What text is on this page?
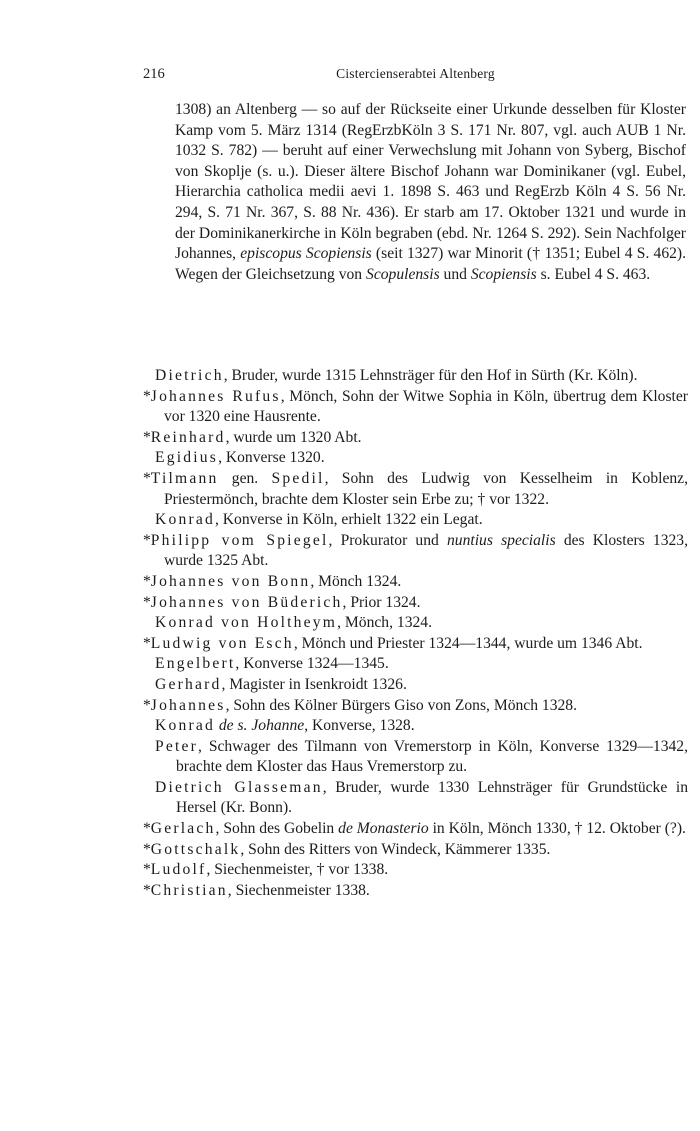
216	Cistercienserabtei Altenberg

1308) an Altenberg — so auf der Rückseite einer Urkunde desselben für Kloster Kamp vom 5. März 1314 (RegErzbKöln 3 S. 171 Nr. 807, vgl. auch AUB 1 Nr. 1032 S. 782) — beruht auf einer Verwechslung mit Johann von Syberg, Bischof von Skoplje (s. u.). Dieser ältere Bischof Johann war Dominikaner (vgl. Eubel, Hierarchia catholica medii aevi 1. 1898 S. 463 und RegErzb Köln 4 S. 56 Nr. 294, S. 71 Nr. 367, S. 88 Nr. 436). Er starb am 17. Oktober 1321 und wurde in der Dominikanerkirche in Köln begraben (ebd. Nr. 1264 S. 292). Sein Nachfolger Johannes, episcopus Scopiensis (seit 1327) war Minorit († 1351; Eubel 4 S. 462). Wegen der Gleichsetzung von Scopulensis und Scopiensis s. Eubel 4 S. 463.

Dietrich, Bruder, wurde 1315 Lehnsträger für den Hof in Sürth (Kr. Köln).
*Johannes Rufus, Mönch, Sohn der Witwe Sophia in Köln, übertrug dem Kloster vor 1320 eine Hausrente.
*Reinhard, wurde um 1320 Abt.
Egidius, Konverse 1320.
*Tilmann gen. Spedil, Sohn des Ludwig von Kesselheim in Koblenz, Priestermönch, brachte dem Kloster sein Erbe zu; † vor 1322.
Konrad, Konverse in Köln, erhielt 1322 ein Legat.
*Philipp vom Spiegel, Prokurator und nuntius specialis des Klosters 1323, wurde 1325 Abt.
*Johannes von Bonn, Mönch 1324.
*Johannes von Büderich, Prior 1324.
Konrad von Holtheym, Mönch, 1324.
*Ludwig von Esch, Mönch und Priester 1324—1344, wurde um 1346 Abt.
Engelbert, Konverse 1324—1345.
Gerhard, Magister in Isenkroidt 1326.
*Johannes, Sohn des Kölner Bürgers Giso von Zons, Mönch 1328.
Konrad de s. Johanne, Konverse, 1328.
Peter, Schwager des Tilmann von Vremerstorp in Köln, Konverse 1329—1342, brachte dem Kloster das Haus Vremerstorp zu.
Dietrich Glasseman, Bruder, wurde 1330 Lehnsträger für Grundstücke in Hersel (Kr. Bonn).
*Gerlach, Sohn des Gobelin de Monasterio in Köln, Mönch 1330, † 12. Oktober (?).
*Gottschalk, Sohn des Ritters von Windeck, Kämmerer 1335.
*Ludolf, Siechenmeister, † vor 1338.
*Christian, Siechenmeister 1338.
